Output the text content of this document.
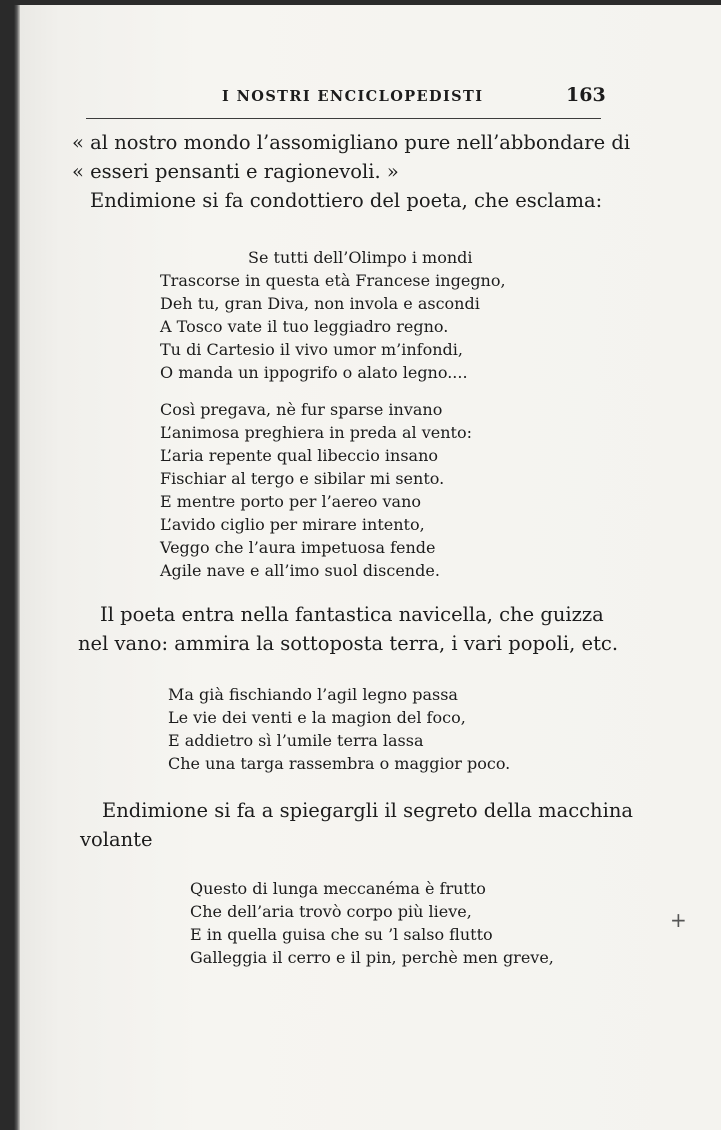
I NOSTRI ENCICLOPEDISTI	163
« al nostro mondo l’assomigliano pure nell’abbondare di
« esseri pensanti e ragionevoli. »
Endimione si fa condottiero del poeta, che esclama:
Se tutti dell’Olimpo i mondi
Trascorse in questa età Francese ingegno,
Deh tu, gran Diva, non invola e ascondi
A Tosco vate il tuo leggiadro regno.
Tu di Cartesio il vivo umor m’infondi,
O manda un ippogrifo o alato legno....
Così pregava, nè fur sparse invano
L’animosa preghiera in preda al vento:
L’aria repente qual libeccio insano
Fischiar al tergo e sibilar mi sento.
E mentre porto per l’aereo vano
L’avido ciglio per mirare intento,
Veggo che l’aura impetuosa fende
Agile nave e all’imo suol discende.
Il poeta entra nella fantastica navicella, che guizza
nel vano: ammira la sottoposta terra, i vari popoli, etc.
Ma già fischiando l’agil legno passa
Le vie dei venti e la magion del foco,
E addietro sì l’umile terra lassa
Che una targa rassembra o maggior poco.
Endimione si fa a spiegargli il segreto della macchina
volante
Questo di lunga meccanéma è frutto
Che dell’aria trovò corpo più lieve,
E in quella guisa che su ’l salso flutto
Galleggia il cerro e il pin, perchè men greve,
+
